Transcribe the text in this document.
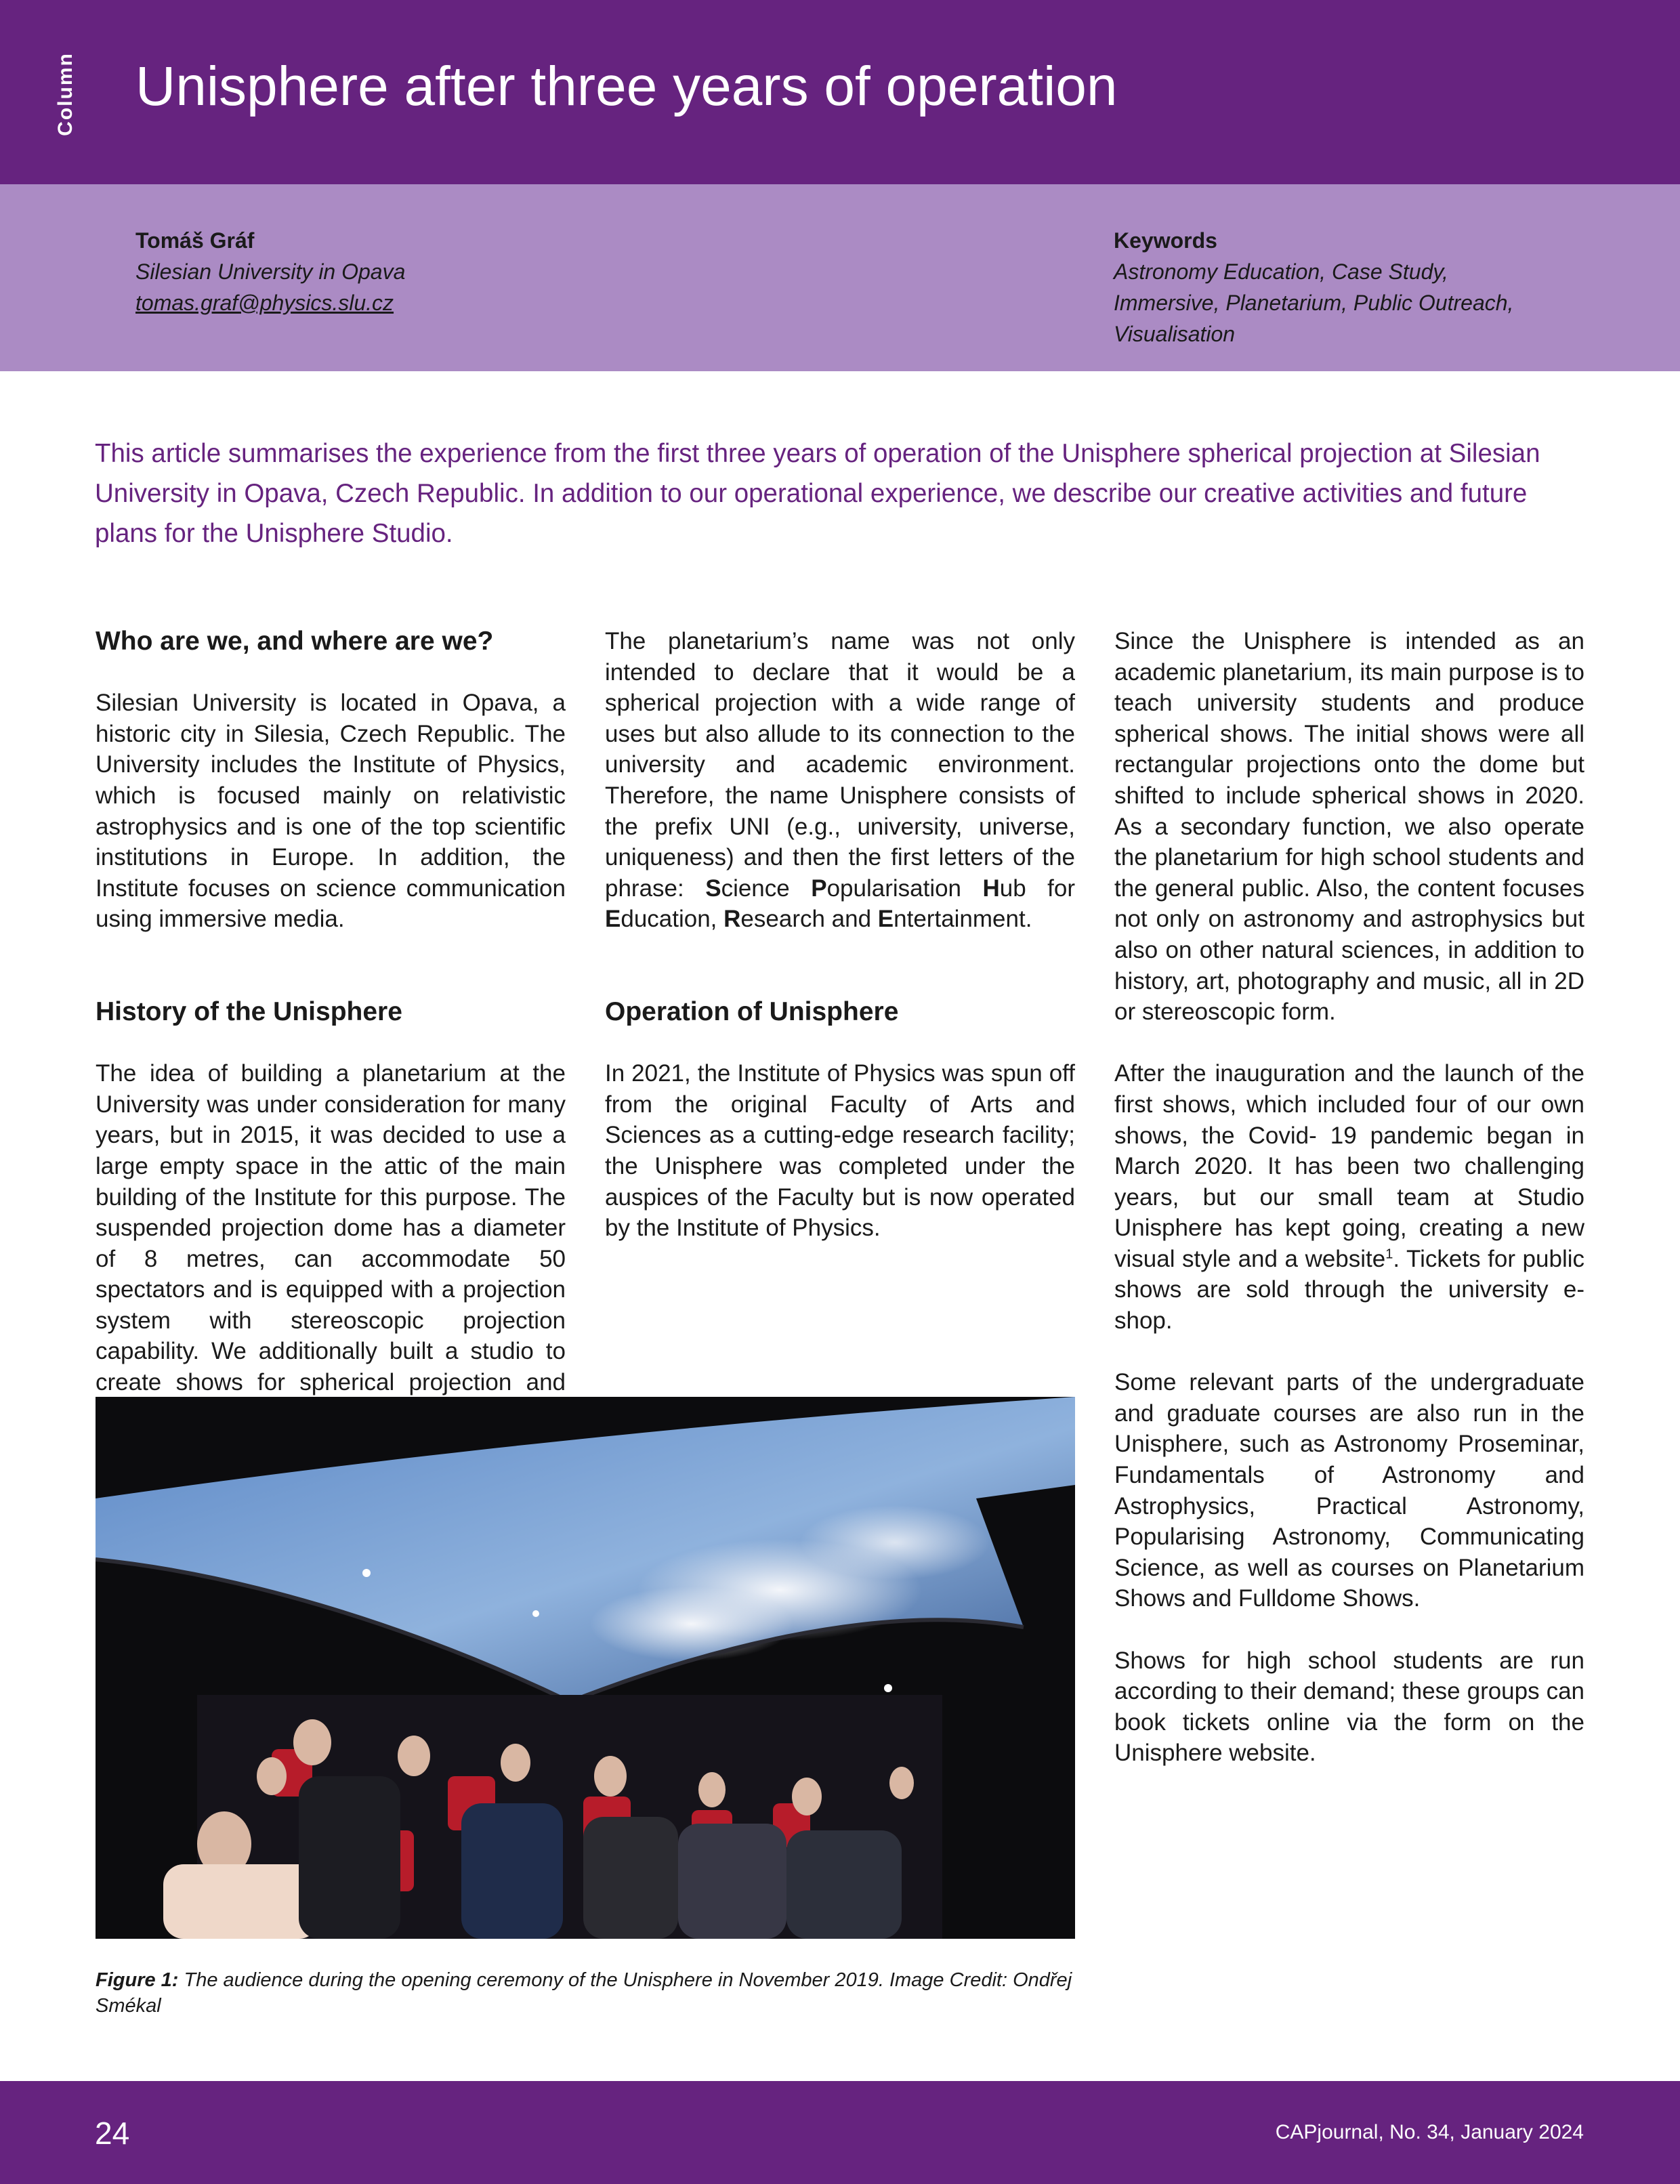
Column Unisphere after three years of operation
Tomáš Gráf
Silesian University in Opava
tomas.graf@physics.slu.cz
Keywords
Astronomy Education, Case Study, Immersive, Planetarium, Public Outreach, Visualisation

This article summarises the experience from the first three years of operation of the Unisphere spherical projection at Silesian University in Opava, Czech Republic. In addition to our operational experience, we describe our creative activities and future plans for the Unisphere Studio.

Who are we, and where are we?

Silesian University is located in Opava, a historic city in Silesia, Czech Republic. The University includes the Institute of Physics, which is focused mainly on relativistic astrophysics and is one of the top scientific institutions in Europe. In addition, the Institute focuses on science communication using immersive media.

History of the Unisphere

The idea of building a planetarium at the University was under consideration for many years, but in 2015, it was decided to use a large empty space in the attic of the main building of the Institute for this purpose. The suspended projection dome has a diameter of 8 metres, can accommodate 50 spectators and is equipped with a projection system with stereoscopic projection capability. We additionally built a studio to create shows for spherical projection and

The planetarium’s name was not only intended to declare that it would be a spherical projection with a wide range of uses but also allude to its connection to the university and academic environment. Therefore, the name Unisphere consists of the prefix UNI (e.g., university, universe, uniqueness) and then the first letters of the phrase: Science Popularisation Hub for Education, Research and Entertainment.

Operation of Unisphere

In 2021, the Institute of Physics was spun off from the original Faculty of Arts and Sciences as a cutting-edge research facility; the Unisphere was completed under the auspices of the Faculty but is now operated by the Institute of Physics.

Since the Unisphere is intended as an academic planetarium, its main purpose is to teach university students and produce spherical shows. The initial shows were all rectangular projections onto the dome but shifted to include spherical shows in 2020. As a secondary function, we also operate the planetarium for high school students and the general public. Also, the content focuses not only on astronomy and astrophysics but also on other natural sciences, in addition to history, art, photography and music, all in 2D or stereoscopic form.

After the inauguration and the launch of the first shows, which included four of our own shows, the Covid- 19 pandemic began in March 2020. It has been two challenging years, but our small team at Studio Unisphere has kept going, creating a new visual style and a website$^1$. Tickets for public shows are sold through the university e-shop.

Some relevant parts of the undergraduate and graduate courses are also run in the Unisphere, such as Astronomy Proseminar, Fundamentals of Astronomy and Astrophysics, Practical Astronomy, Popularising Astronomy, Communicating Science, as well as courses on Planetarium Shows and Fulldome Shows.

Shows for high school students are run according to their demand; these groups can book tickets online via the form on the Unisphere website.

Figure 1: The audience during the opening ceremony of the Unisphere in November 2019. Image Credit: Ondřej Smékal
24	CAPjournal, No. 34, January 2024
